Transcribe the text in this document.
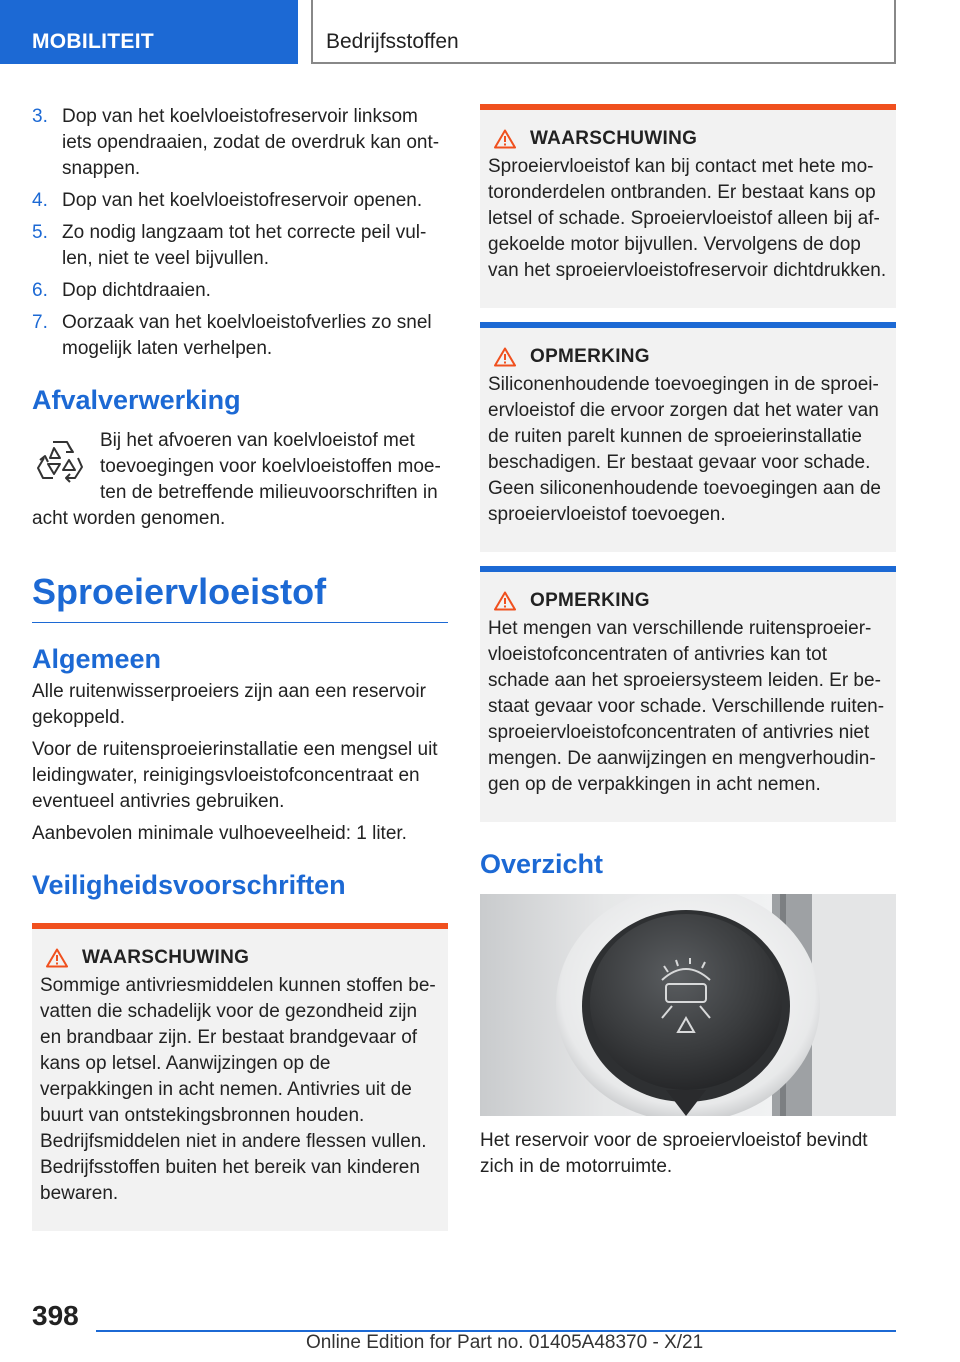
MOBILITEIT	Bedrijfsstoffen
3. Dop van het koelvloeistofreservoir linksom iets opendraaien, zodat de overdruk kan ontsnappen.
4. Dop van het koelvloeistofreservoir openen.
5. Zo nodig langzaam tot het correcte peil vullen, niet te veel bijvullen.
6. Dop dichtdraaien.
7. Oorzaak van het koelvloeistofverlies zo snel mogelijk laten verhelpen.
Afvalverwerking

Bij het afvoeren van koelvloeistof met toevoegingen voor koelvloeistoffen moeten de betreffende milieuvoorschriften in acht worden genomen.

Sproeiervloeistof
Algemeen

Alle ruitenwisserproeiers zijn aan een reservoir gekoppeld.

Voor de ruitensproeierinstallatie een mengsel uit leidingwater, reinigingsvloeistofconcentraat en eventueel antivries gebruiken.

Aanbevolen minimale vulhoeveelheid: 1 liter.

Veiligheidsvoorschriften
WAARSCHUWING

Sommige antivriesmiddelen kunnen stoffen bevatten die schadelijk voor de gezondheid zijn en brandbaar zijn. Er bestaat brandgevaar of kans op letsel. Aanwijzingen op de verpakkingen in acht nemen. Antivries uit de buurt van ontstekingsbronnen houden. Bedrijfsmiddelen niet in andere flessen vullen. Bedrijfsstoffen buiten het bereik van kinderen bewaren.

WAARSCHUWING

Sproeiervloeistof kan bij contact met hete motoronderdelen ontbranden. Er bestaat kans op letsel of schade. Sproeiervloeistof alleen bij afgekoelde motor bijvullen. Vervolgens de dop van het sproeiervloeistofreservoir dichtdrukken.

OPMERKING

Siliconenhoudende toevoegingen in de sproeiervloeistof die ervoor zorgen dat het water van de ruiten parelt kunnen de sproeierinstallatie beschadigen. Er bestaat gevaar voor schade. Geen siliconenhoudende toevoegingen aan de sproeiervloeistof toevoegen.

OPMERKING

Het mengen van verschillende ruitensproeiervloeistofconcentraten of antivries kan tot schade aan het sproeiersysteem leiden. Er bestaat gevaar voor schade. Verschillende ruitensproeiervloeistofconcentraten of antivries niet mengen. De aanwijzingen en mengverhoudingen op de verpakkingen in acht nemen.

Overzicht

Het reservoir voor de sproeiervloeistof bevindt zich in de motorruimte.

398
Online Edition for Part no. 01405A48370 - X/21
